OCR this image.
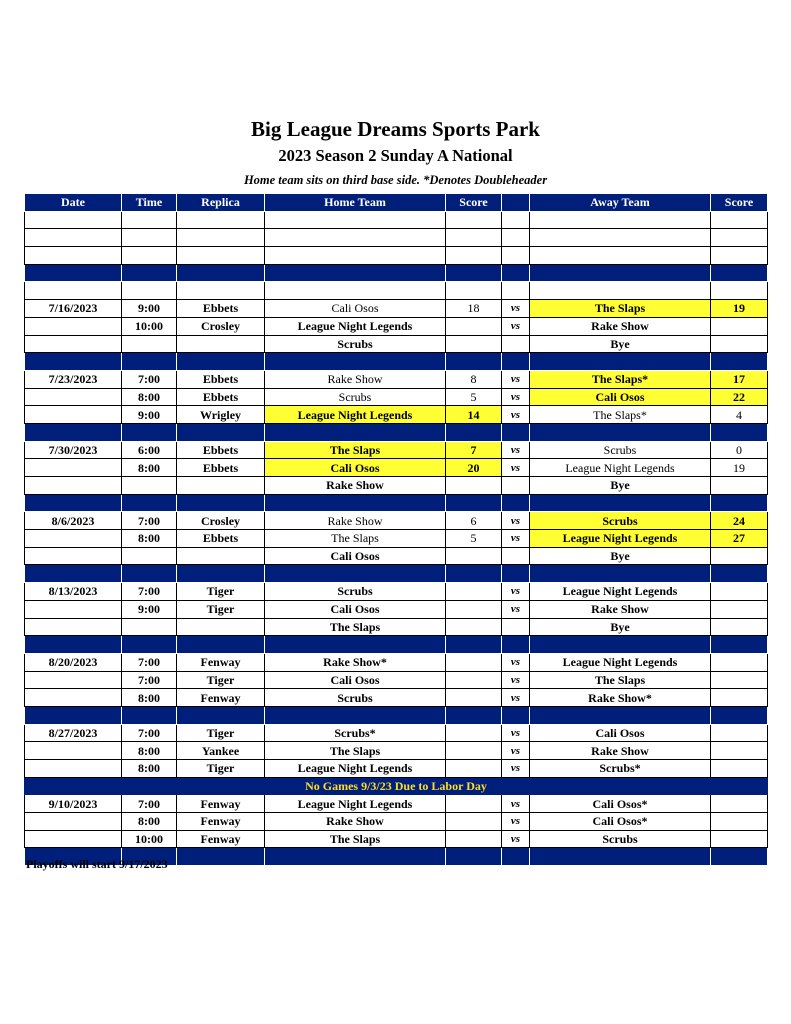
Big League Dreams Sports Park
2023 Season 2 Sunday A National

Home team sits on third base side. *Denotes Doubleheader

Date	Time	Replica	Home Team	Score		Away Team	Score

7/16/2023	9:00	Ebbets	Cali Osos	18	vs	The Slaps	19
	10:00	Crosley	League Night Legends		vs	Rake Show	
			Scrubs			Bye	

7/23/2023	7:00	Ebbets	Rake Show	8	vs	The Slaps*	17
	8:00	Ebbets	Scrubs	5	vs	Cali Osos	22
	9:00	Wrigley	League Night Legends	14	vs	The Slaps*	4

7/30/2023	6:00	Ebbets	The Slaps	7	vs	Scrubs	0
	8:00	Ebbets	Cali Osos	20	vs	League Night Legends	19
			Rake Show			Bye	

8/6/2023	7:00	Crosley	Rake Show	6	vs	Scrubs	24
	8:00	Ebbets	The Slaps	5	vs	League Night Legends	27
			Cali Osos			Bye	

8/13/2023	7:00	Tiger	Scrubs		vs	League Night Legends	
	9:00	Tiger	Cali Osos		vs	Rake Show	
			The Slaps			Bye	

8/20/2023	7:00	Fenway	Rake Show*		vs	League Night Legends	
	7:00	Tiger	Cali Osos		vs	The Slaps	
	8:00	Fenway	Scrubs		vs	Rake Show*	

8/27/2023	7:00	Tiger	Scrubs*		vs	Cali Osos	
	8:00	Yankee	The Slaps		vs	Rake Show	
	8:00	Tiger	League Night Legends		vs	Scrubs*	
No Games 9/3/23 Due to Labor Day							
9/10/2023	7:00	Fenway	League Night Legends		vs	Cali Osos*	
	8:00	Fenway	Rake Show		vs	Cali Osos*	
	10:00	Fenway	The Slaps		vs	Scrubs	

Playoffs will start 9/17/2023
